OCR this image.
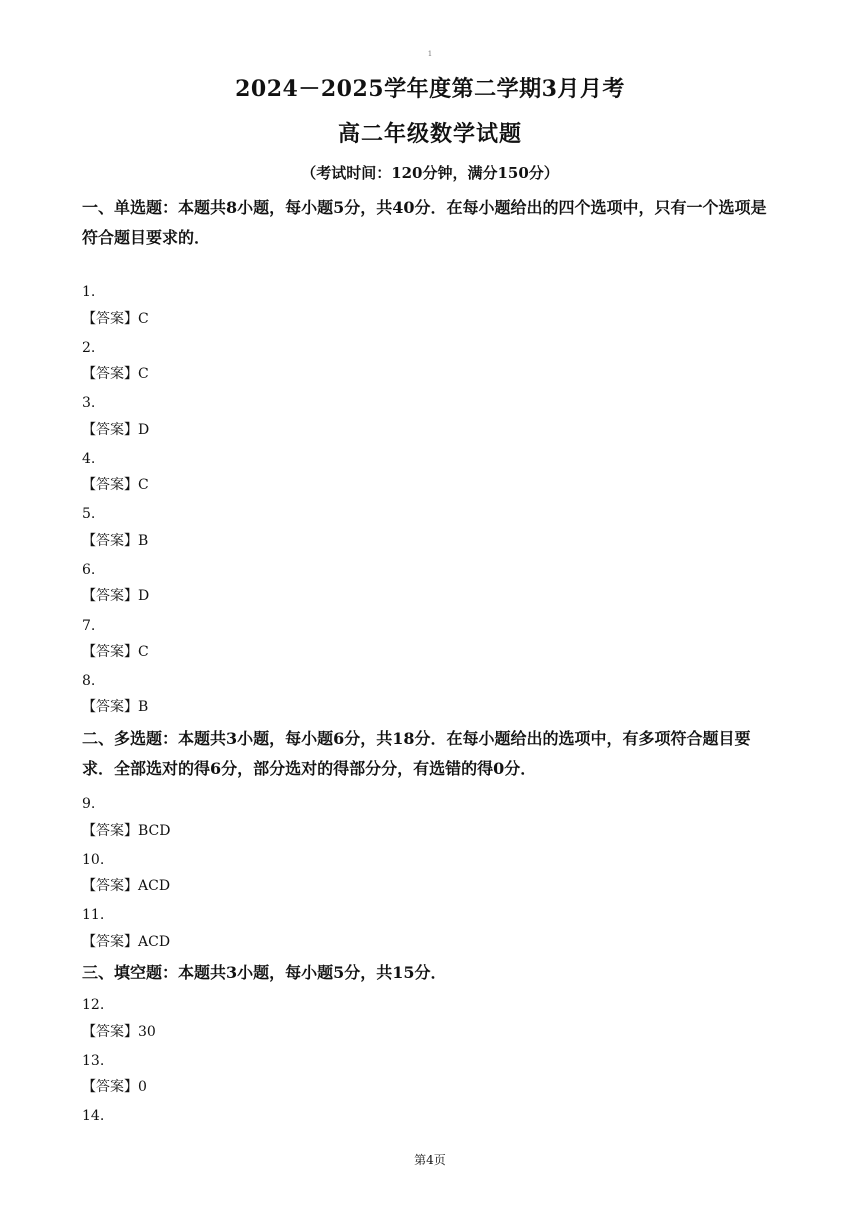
1
2024－2025学年度第二学期3月月考
高二年级数学试题
（考试时间：120分钟，满分150分）
一、单选题：本题共8小题，每小题5分，共40分．在每小题给出的四个选项中，只有一个选项是符合题目要求的．
1.
【答案】C
2.
【答案】C
3.
【答案】D
4.
【答案】C
5.
【答案】B
6.
【答案】D
7.
【答案】C
8.
【答案】B
二、多选题：本题共3小题，每小题6分，共18分．在每小题给出的选项中，有多项符合题目要求．全部选对的得6分，部分选对的得部分分，有选错的得0分．
9.
【答案】BCD
10.
【答案】ACD
11.
【答案】ACD
三、填空题：本题共3小题，每小题5分，共15分．
12.
【答案】30
13.
【答案】0
14.
第4页
